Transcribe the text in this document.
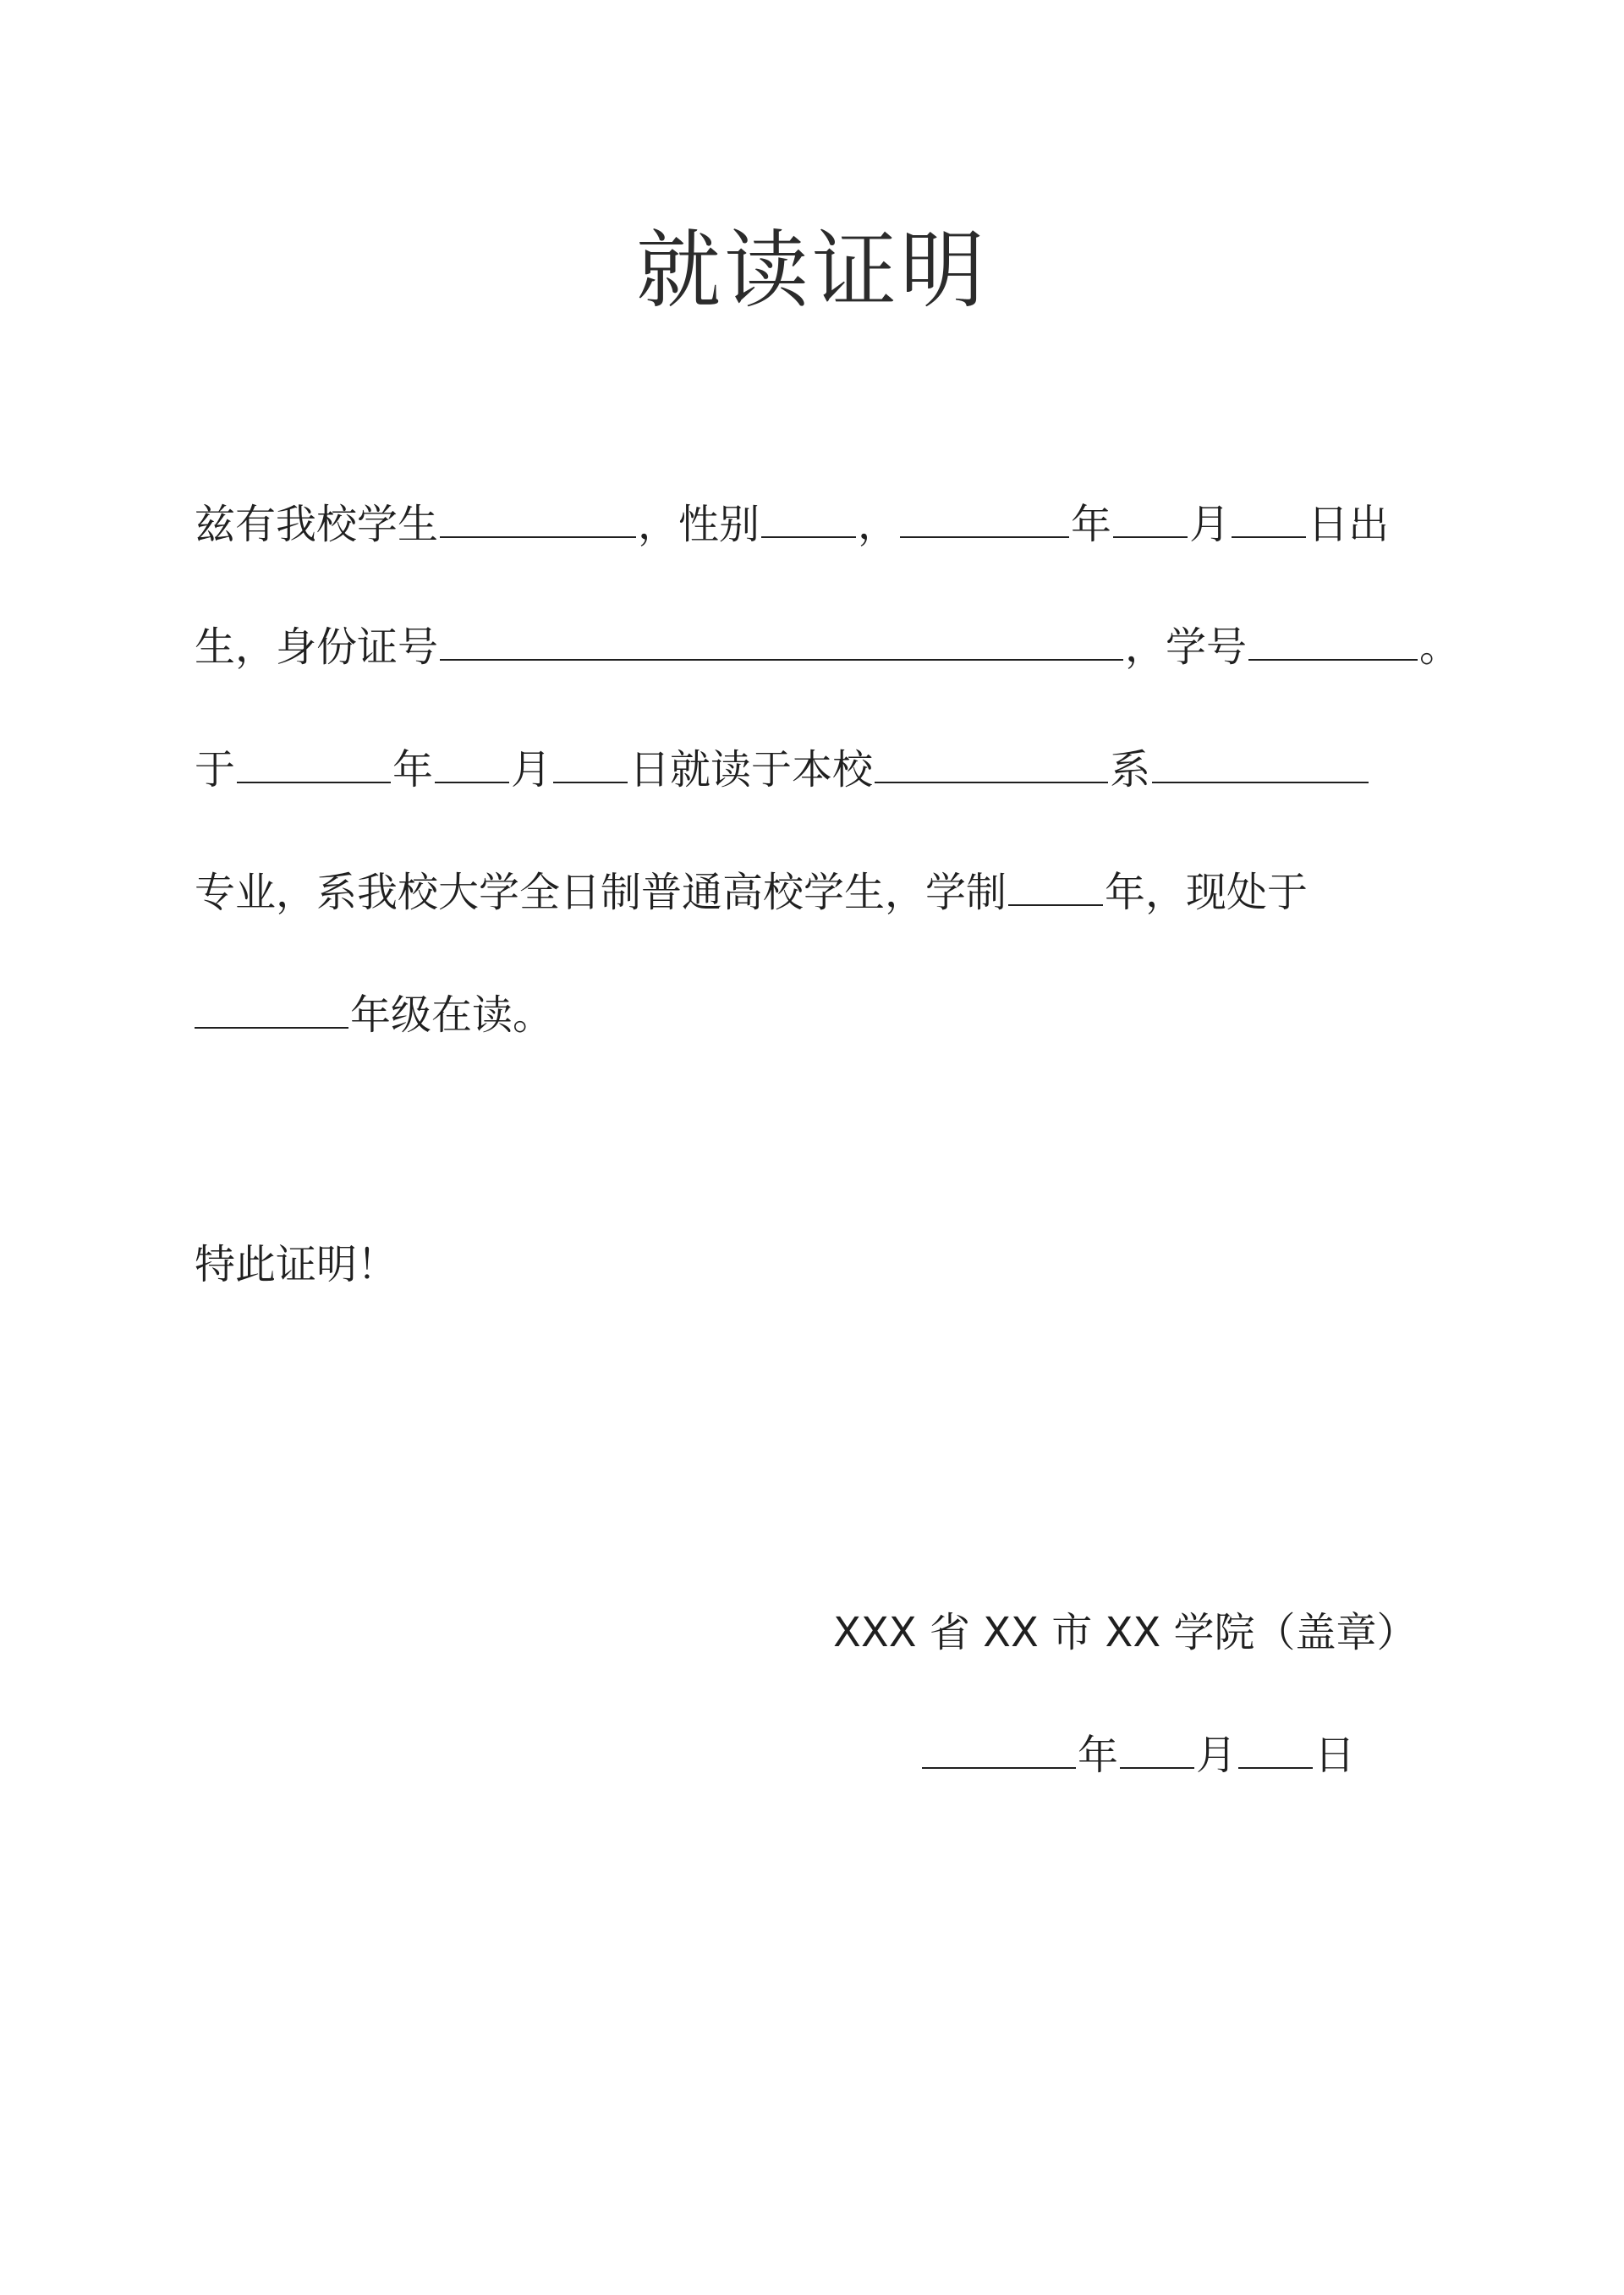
就读证明
兹有我校学生	，性别 ，	年 月 日出
生，身份证号	，学号	。
于	年 月 日就读于本校	系
专业，系我校大学全日制普通高校学生，学制 年，现处于
年级在读。
特此证明！
XXX 省 XX 市 XX 学院（盖章）
年 月 日
